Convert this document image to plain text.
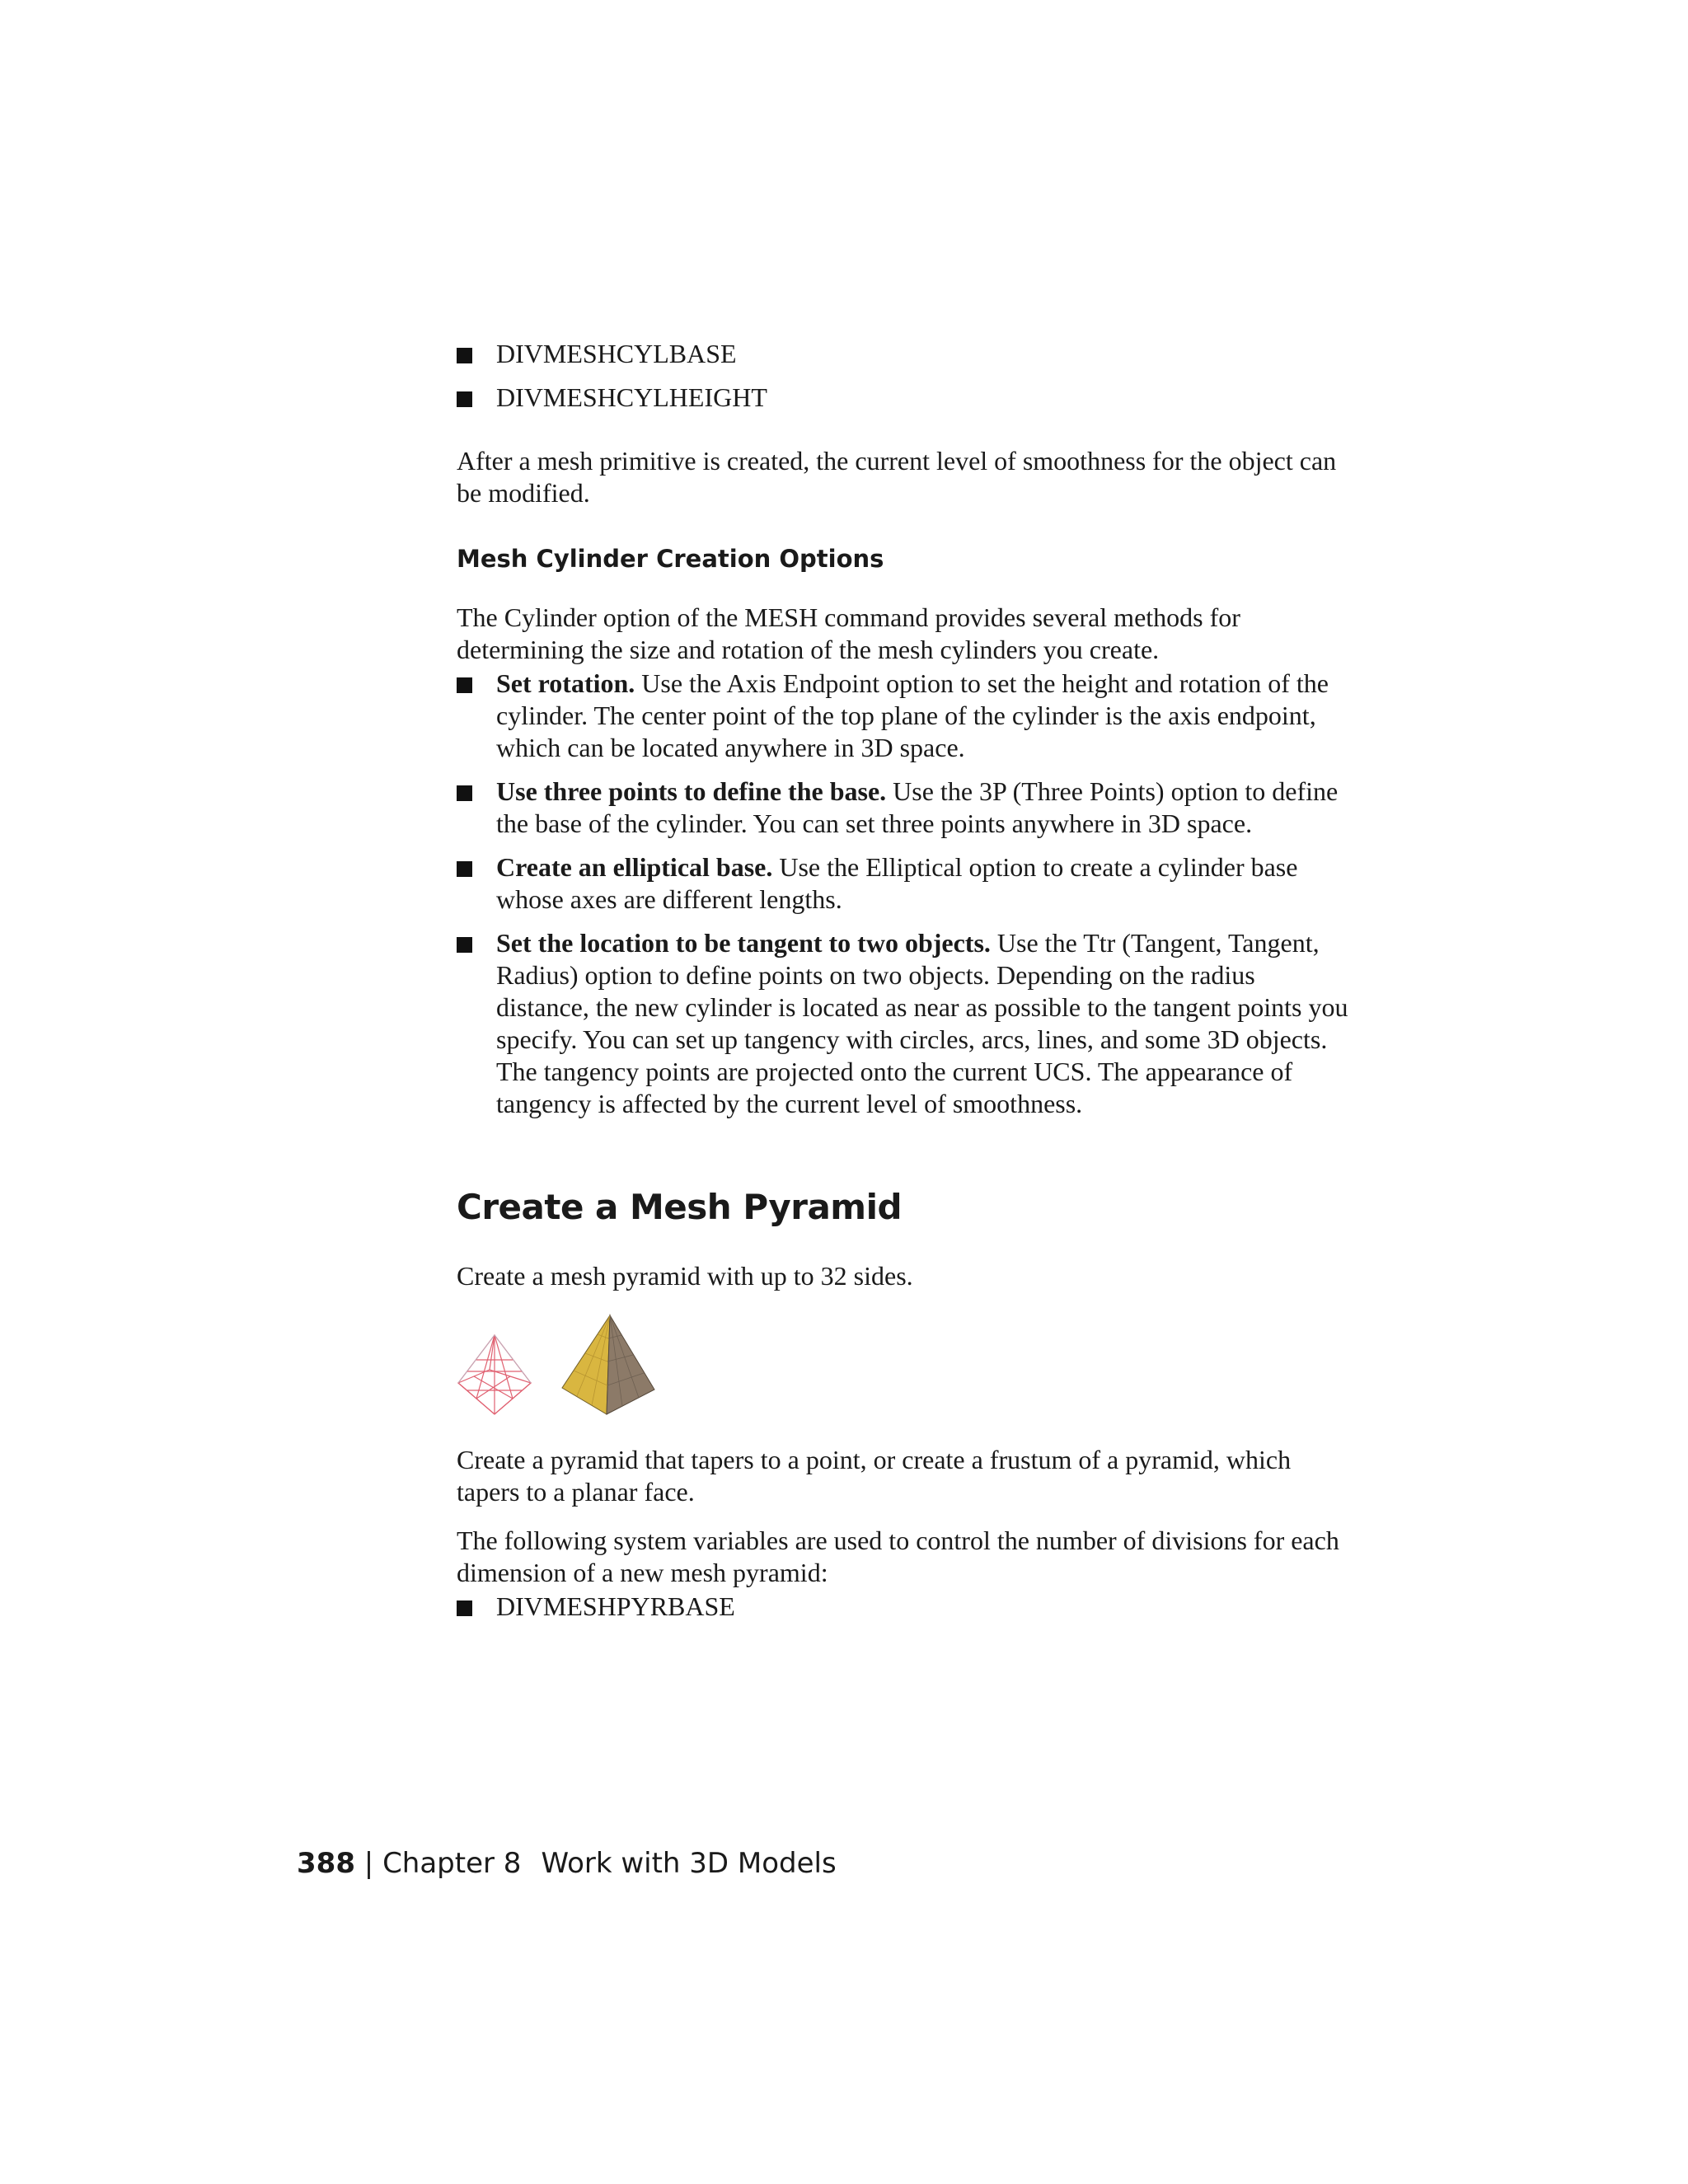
DIVMESHCYLBASE
DIVMESHCYLHEIGHT

After a mesh primitive is created, the current level of smoothness for the object can be modified.

Mesh Cylinder Creation Options

The Cylinder option of the MESH command provides several methods for determining the size and rotation of the mesh cylinders you create.

Set rotation. Use the Axis Endpoint option to set the height and rotation of the cylinder. The center point of the top plane of the cylinder is the axis endpoint, which can be located anywhere in 3D space.
Use three points to define the base. Use the 3P (Three Points) option to define the base of the cylinder. You can set three points anywhere in 3D space.
Create an elliptical base. Use the Elliptical option to create a cylinder base whose axes are different lengths.
Set the location to be tangent to two objects. Use the Ttr (Tangent, Tangent, Radius) option to define points on two objects. Depending on the radius distance, the new cylinder is located as near as possible to the tangent points you specify. You can set up tangency with circles, arcs, lines, and some 3D objects. The tangency points are projected onto the current UCS. The appearance of tangency is affected by the current level of smoothness.
Create a Mesh Pyramid

Create a mesh pyramid with up to 32 sides.

Create a pyramid that tapers to a point, or create a frustum of a pyramid, which tapers to a planar face.

The following system variables are used to control the number of divisions for each dimension of a new mesh pyramid:

DIVMESHPYRBASE
388 | Chapter 8 Work with 3D Models
